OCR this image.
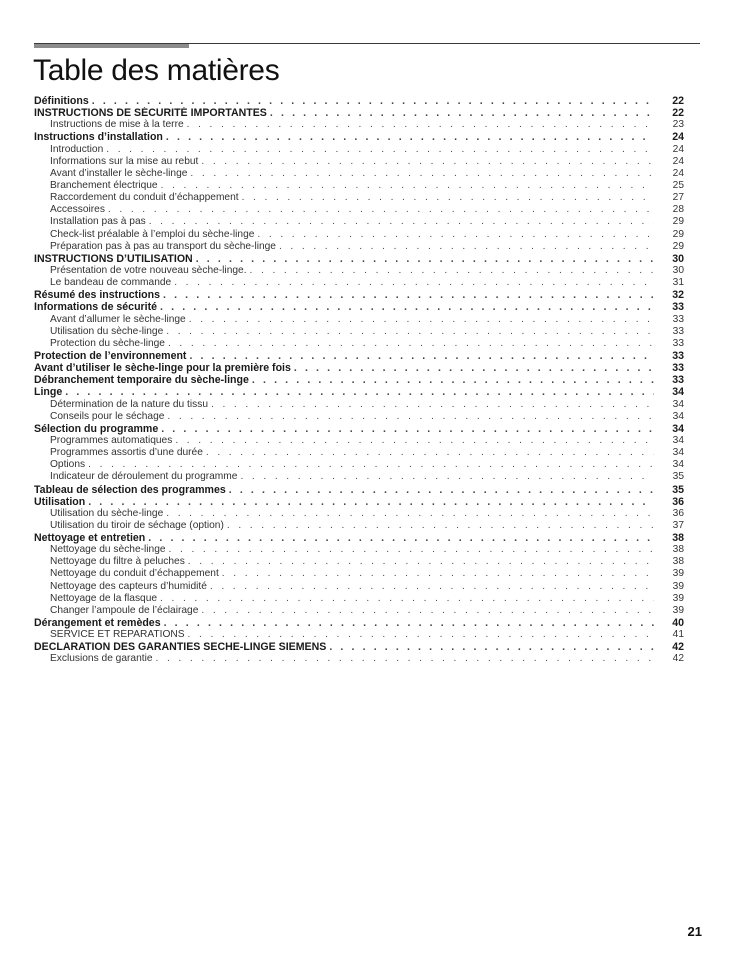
Table des matières
Définitions . . .	22
INSTRUCTIONS DE SÉCURITÉ IMPORTANTES . . .	22
Instructions de mise à la terre . . .	23
Instructions d’installation . . .	24
Introduction . . .	24
Informations sur la mise au rebut . . .	24
Avant d’installer le sèche-linge . . .	24
Branchement électrique . . .	25
Raccordement du conduit d’échappement . . .	27
Accessoires . . .	28
Installation pas à pas . . .	29
Check-list préalable à l’emploi du sèche-linge . . .	29
Préparation pas à pas au transport du sèche-linge . . .	29
INSTRUCTIONS D’UTILISATION . . .	30
Présentation de votre nouveau sèche-linge. . . .	30
Le bandeau de commande . . .	31
Résumé des instructions . . .	32
Informations de sécurité . . .	33
Avant d’allumer le sèche-linge . . .	33
Utilisation du sèche-linge . . .	33
Protection du sèche-linge . . .	33
Protection de l’environnement . . .	33
Avant d’utiliser le sèche-linge pour la première fois . . .	33
Débranchement temporaire du sèche-linge . . .	33
Linge . . .	34
Détermination de la nature du tissu . . .	34
Conseils pour le séchage . . .	34
Sélection du programme . . .	34
Programmes automatiques . . .	34
Programmes assortis d’une durée . . .	34
Options . . .	34
Indicateur de déroulement du programme . . .	35
Tableau de sélection des programmes . . .	35
Utilisation . . .	36
Utilisation du sèche-linge . . .	36
Utilisation du tiroir de séchage (option) . . .	37
Nettoyage et entretien . . .	38
Nettoyage du sèche-linge . . .	38
Nettoyage du filtre à peluches . . .	38
Nettoyage du conduit d’échappement . . .	39
Nettoyage des capteurs d’humidité . . .	39
Nettoyage de la flasque . . .	39
Changer l’ampoule de l’éclairage . . .	39
Dérangement et remèdes . . .	40
SERVICE ET RÉPARATIONS . . .	41
DECLARATION DES GARANTIES SECHE-LINGE SIEMENS . . .	42
Exclusions de garantie . . .	42
21
